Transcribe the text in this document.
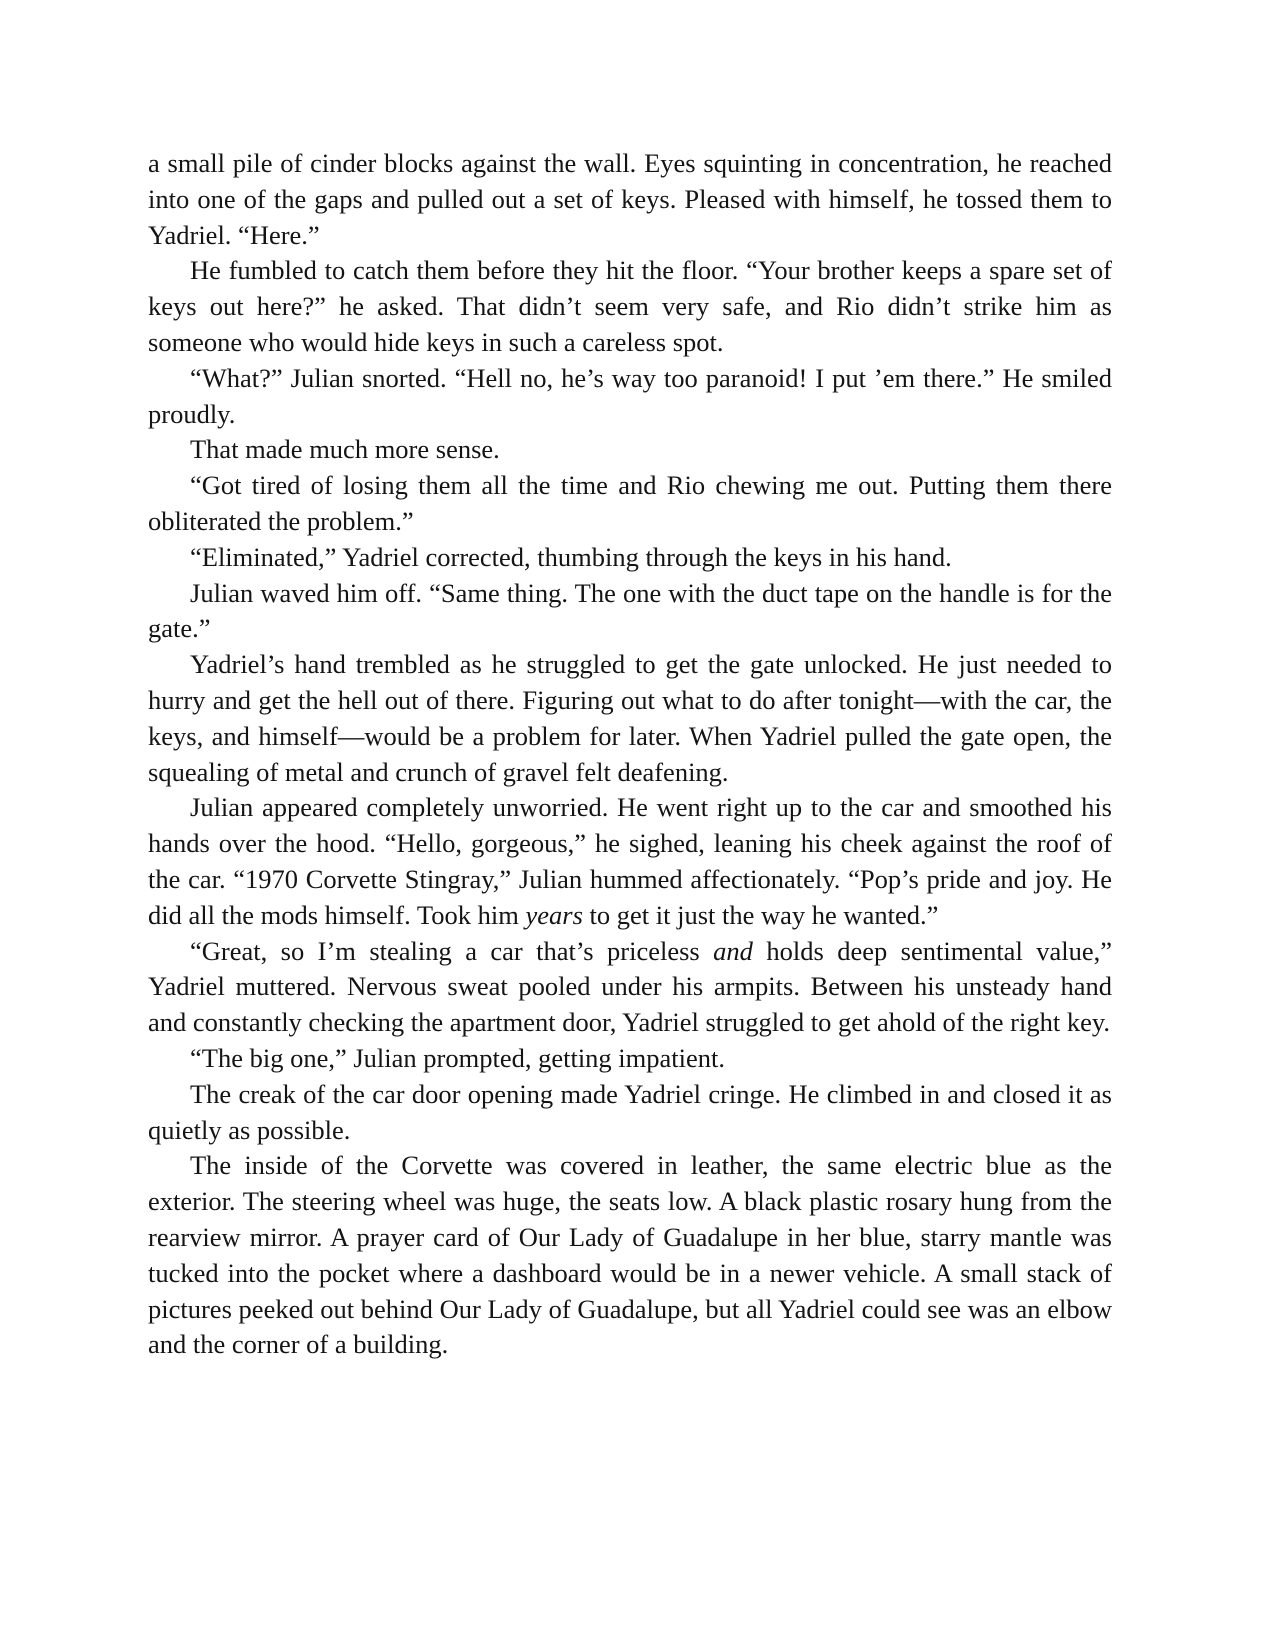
a small pile of cinder blocks against the wall. Eyes squinting in concentration, he reached into one of the gaps and pulled out a set of keys. Pleased with himself, he tossed them to Yadriel. “Here.”

He fumbled to catch them before they hit the floor. “Your brother keeps a spare set of keys out here?” he asked. That didn’t seem very safe, and Rio didn’t strike him as someone who would hide keys in such a careless spot.

“What?” Julian snorted. “Hell no, he’s way too paranoid! I put ’em there.” He smiled proudly.

That made much more sense.

“Got tired of losing them all the time and Rio chewing me out. Putting them there obliterated the problem.”

“Eliminated,” Yadriel corrected, thumbing through the keys in his hand.

Julian waved him off. “Same thing. The one with the duct tape on the handle is for the gate.”

Yadriel’s hand trembled as he struggled to get the gate unlocked. He just needed to hurry and get the hell out of there. Figuring out what to do after tonight—with the car, the keys, and himself—would be a problem for later. When Yadriel pulled the gate open, the squealing of metal and crunch of gravel felt deafening.

Julian appeared completely unworried. He went right up to the car and smoothed his hands over the hood. “Hello, gorgeous,” he sighed, leaning his cheek against the roof of the car. “1970 Corvette Stingray,” Julian hummed affectionately. “Pop’s pride and joy. He did all the mods himself. Took him years to get it just the way he wanted.”

“Great, so I’m stealing a car that’s priceless and holds deep sentimental value,” Yadriel muttered. Nervous sweat pooled under his armpits. Between his unsteady hand and constantly checking the apartment door, Yadriel struggled to get ahold of the right key.

“The big one,” Julian prompted, getting impatient.

The creak of the car door opening made Yadriel cringe. He climbed in and closed it as quietly as possible.

The inside of the Corvette was covered in leather, the same electric blue as the exterior. The steering wheel was huge, the seats low. A black plastic rosary hung from the rearview mirror. A prayer card of Our Lady of Guadalupe in her blue, starry mantle was tucked into the pocket where a dashboard would be in a newer vehicle. A small stack of pictures peeked out behind Our Lady of Guadalupe, but all Yadriel could see was an elbow and the corner of a building.
